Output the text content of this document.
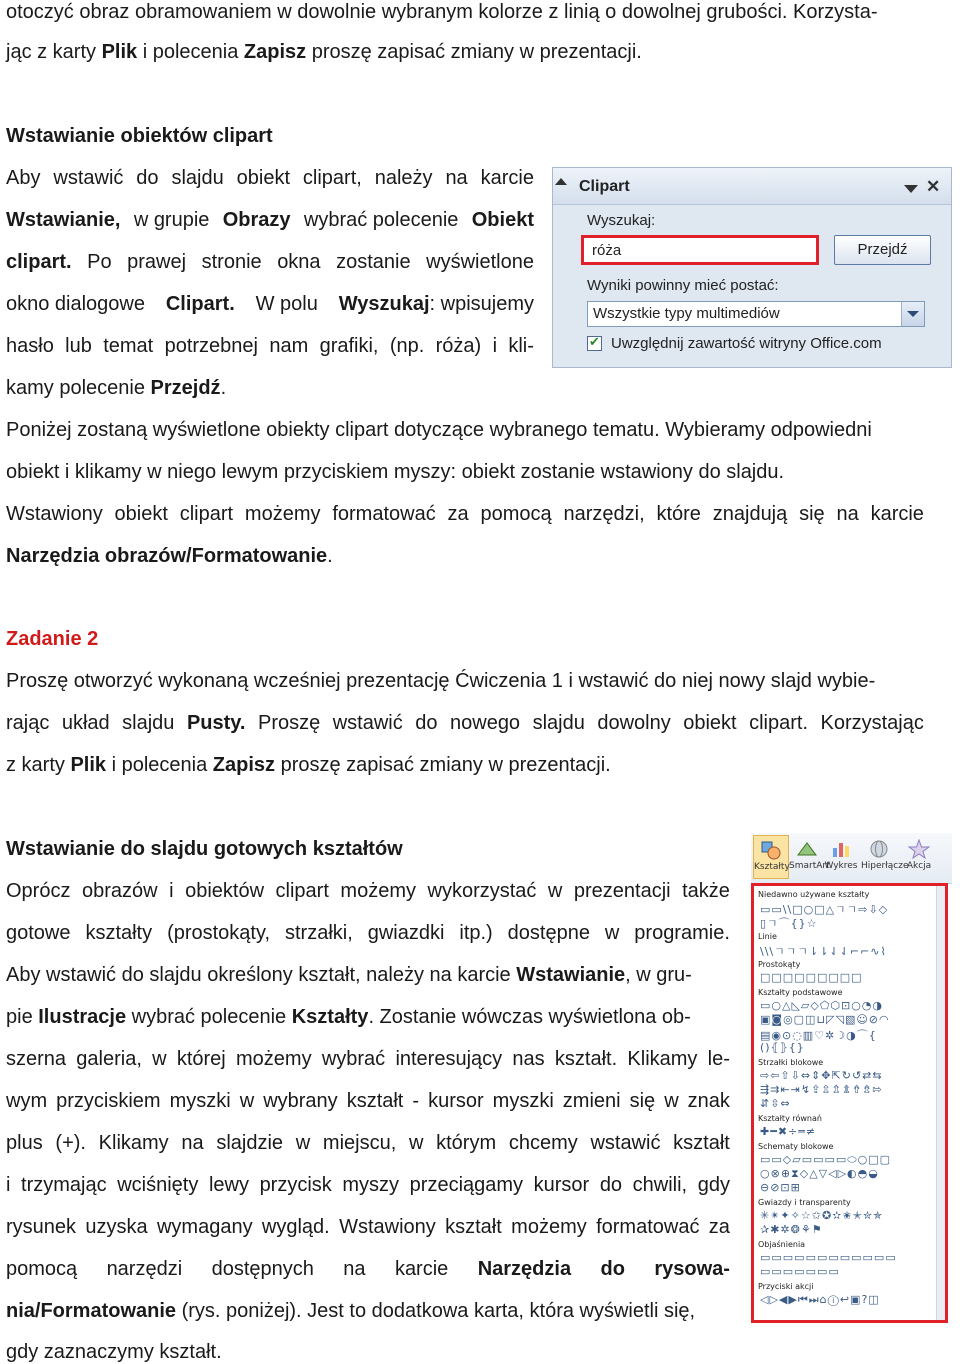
otoczyć obraz obramowaniem w dowolnie wybranym kolorze z linią o dowolnej grubości. Korzysta-
jąc z karty Plik i polecenia Zapisz proszę zapisać zmiany w prezentacji.
Wstawianie obiektów clipart
Aby wstawić do slajdu obiekt clipart, należy na karcie
Wstawianie, w grupie Obrazy wybrać polecenie Obiekt
clipart. Po prawej stronie okna zostanie wyświetlone
okno dialogowe Clipart. W polu Wyszukaj: wpisujemy
hasło lub temat potrzebnej nam grafiki, (np. róża) i kli-
kamy polecenie Przejdź.
Poniżej zostaną wyświetlone obiekty clipart dotyczące wybranego tematu. Wybieramy odpowiedni
obiekt i klikamy w niego lewym przyciskiem myszy: obiekt zostanie wstawiony do slajdu.
Wstawiony obiekt clipart możemy formatować za pomocą narzędzi, które znajdują się na karcie
Narzędzia obrazów/Formatowanie.
Clipart	✕
Wyszukaj:
róża	Przejdź
Wyniki powinny mieć postać:
Wszystkie typy multimediów
✔
Uwzględnij zawartość witryny Office.com
Zadanie 2
Proszę otworzyć wykonaną wcześniej prezentację Ćwiczenia 1 i wstawić do niej nowy slajd wybie-
rając układ slajdu Pusty. Proszę wstawić do nowego slajdu dowolny obiekt clipart. Korzystając
z karty Plik i polecenia Zapisz proszę zapisać zmiany w prezentacji.
Wstawianie do slajdu gotowych kształtów
Oprócz obrazów i obiektów clipart możemy wykorzystać w prezentacji także
gotowe kształty (prostokąty, strzałki, gwiazdki itp.) dostępne w programie.
Aby wstawić do slajdu określony kształt, należy na karcie Wstawianie, w gru-
pie Ilustracje wybrać polecenie Kształty. Zostanie wówczas wyświetlona ob-
szerna galeria, w której możemy wybrać interesujący nas kształt. Klikamy le-
wym przyciskiem myszki w wybrany kształt - kursor myszki zmieni się w znak
plus (+). Klikamy na slajdzie w miejscu, w którym chcemy wstawić kształt
i trzymając wciśnięty lewy przycisk myszy przeciągamy kursor do chwili, gdy
rysunek uzyska wymagany wygląd. Wstawiony kształt możemy formatować za
pomocą narzędzi dostępnych na karcie Narzędzia do rysowa-
nia/Formatowanie (rys. poniżej). Jest to dodatkowa karta, która wyświetli się,
gdy zaznaczymy kształt.
Kształty SmartArt
Wykres Hiperłącze
Akcja
Niedawno używane kształty
▭▭\\□○□△ㄱㄱ⇨⇩◇
▯ㄱ⌒{}☆
Linie
\\\ㄱㄱㄱ⇂⇂⇃⇃⌐⌐∿⌇
Prostokąty
□□□□□□□□□
Kształty podstawowe
▭○△◺▱◇⬠⬡⊡○◔◑
▣◙◎▢◫⊔◸◹▧☺⊘◠
▤◉⊙◌▥♡✲☽◑⌒{
()⦃⦄{}
Strzałki blokowe
⇨⇦⇧⇩⇔⇕✥⇱↻↺⇄⇆
⇶⇉⇤⇥↯⇪⇫⇬⇭⇮⇯⇰
⇵⇳⇔
Kształty równań
✚━✖÷═≠
Schematy blokowe
▭▭◇▱▭▭▭▭⬭○□▢
○⊗⊕⧗◇△▽◁▷◐◓◒
⊖⊘⊡⊞
Gwiazdy i transparenty
✳✴✦✧☆✩✪✫✬✭✮✯
✰✱✲❂⚘⚑
Objaśnienia
▭▭▭▭▭▭▭▭▭▭▭▭
▭▭▭▭▭▭▭
Przyciski akcji
◁▷◀▶⏮⏭⌂ⓘ↩▣?◫
